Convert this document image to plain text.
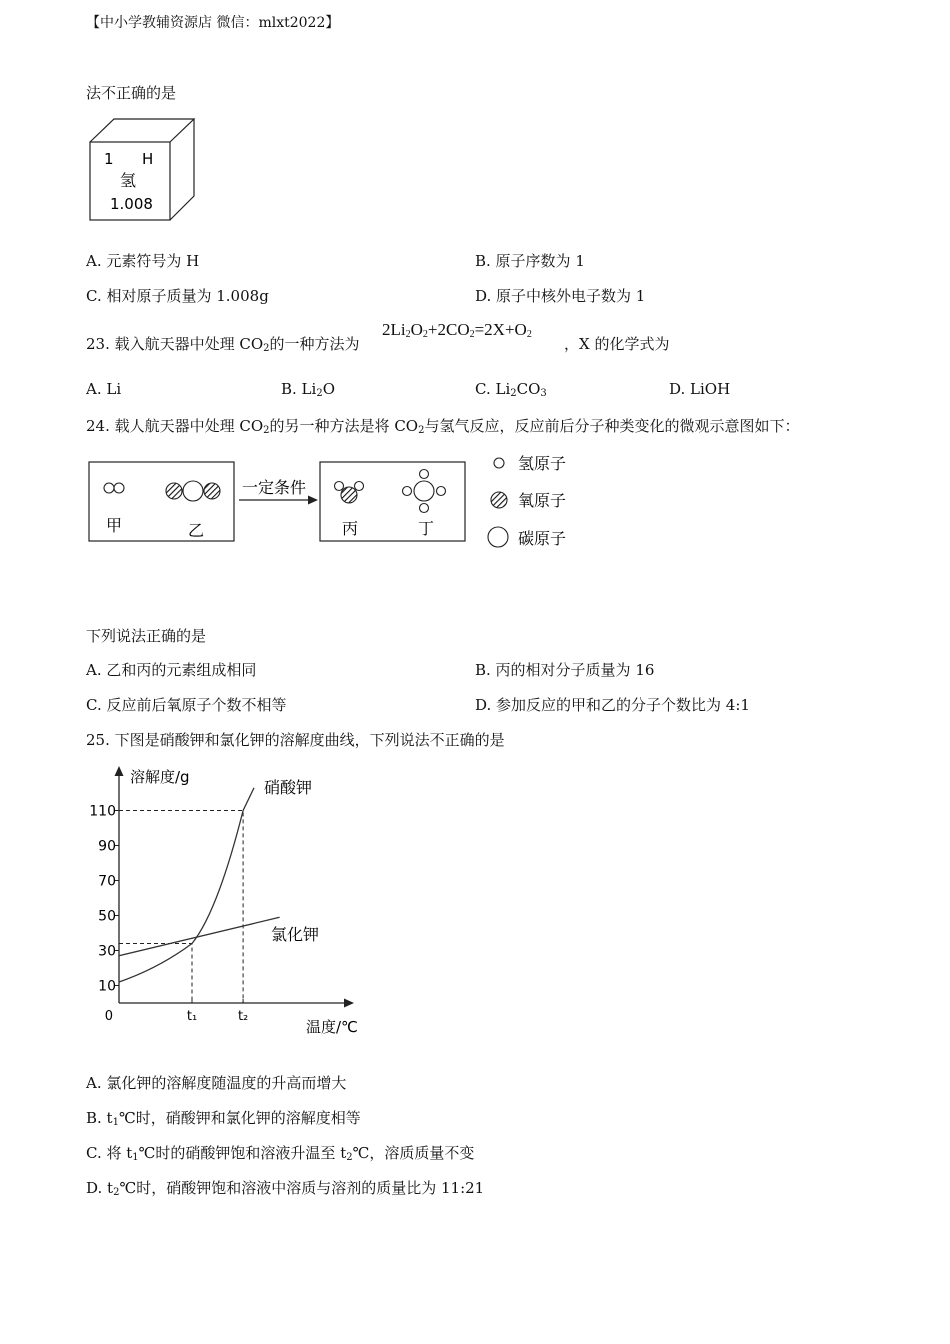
【中小学教辅资源店 微信：mlxt2022】
法不正确的是
1 H
氢
1.008
A. 元素符号为 H	B. 原子序数为 1
C. 相对原子质量为 1.008g	D. 原子中核外电子数为 1
23. 载入航天器中处理 $CO_2$的一种方法为
$2Li_2O_2+2CO_2=2X+O_2$
，X 的化学式为
A. Li	B. $Li_2O$	C. $Li_2CO_3$	D. LiOH
24. 载人航天器中处理 $CO_2$的另一种方法是将 $CO_2$与氢气反应，反应前后分子种类变化的微观示意图如下：
甲	乙
一定条件
丙	丁
氢原子
氧原子
碳原子
下列说法正确的是
A. 乙和丙的元素组成相同	B. 丙的相对分子质量为 16
C. 反应前后氧原子个数不相等	D. 参加反应的甲和乙的分子个数比为 4:1
25. 下图是硝酸钾和氯化钾的溶解度曲线，下列说法不正确的是
溶解度/g
温度/℃
0
10
30
50
70
90
110
t₁	t₂
硝酸钾
氯化钾
A. 氯化钾的溶解度随温度的升高而增大
B. $t_1℃$时，硝酸钾和氯化钾的溶解度相等
C. 将 $t_1℃$时的硝酸钾饱和溶液升温至 $t_2℃$，溶质质量不变
D. $t_2℃$时，硝酸钾饱和溶液中溶质与溶剂的质量比为 11:21
